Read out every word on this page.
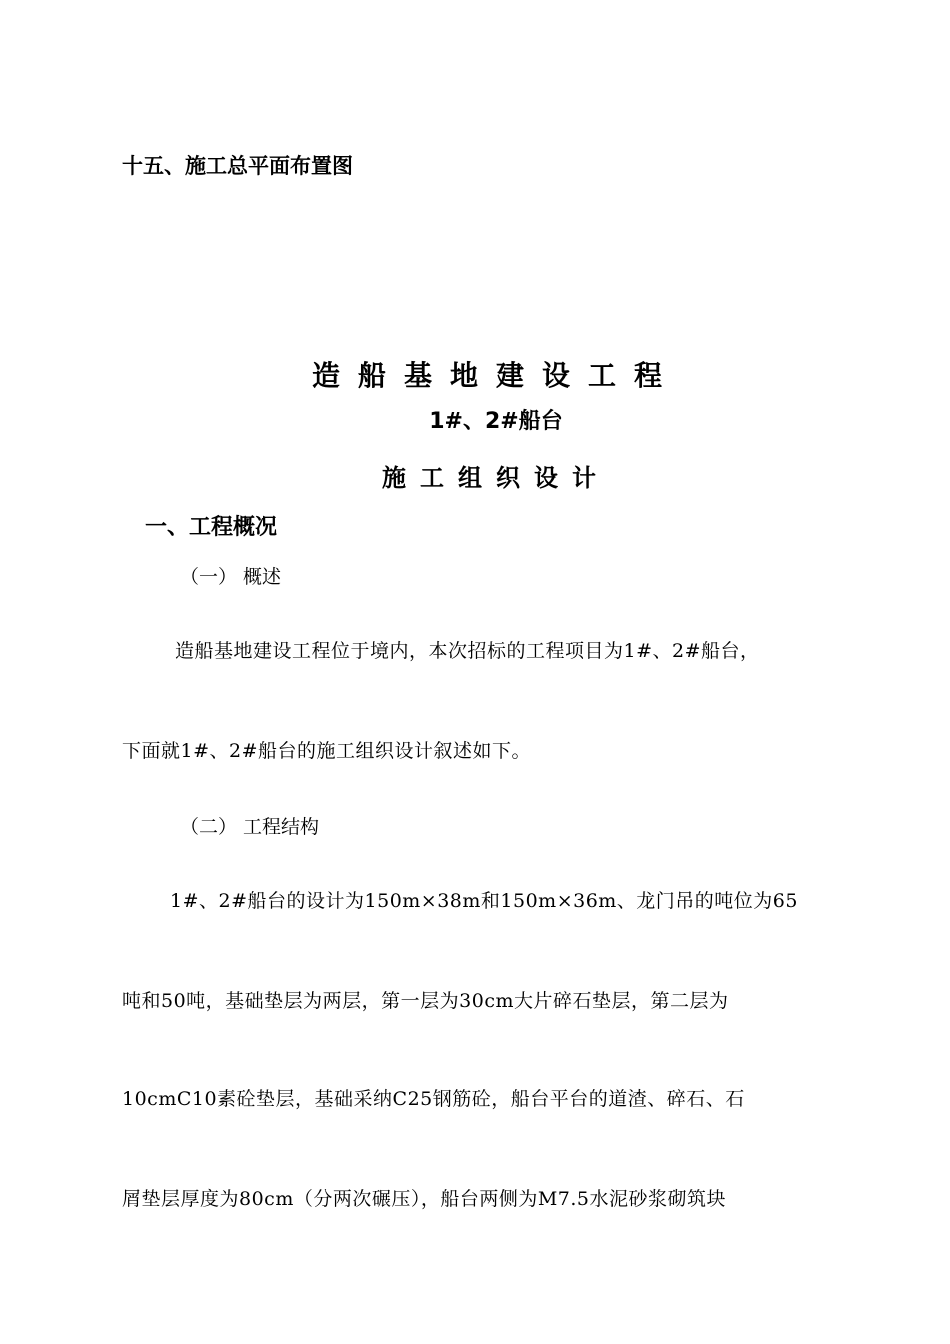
十五、施工总平面布置图
造船基地建设工程
1#、2#船台
施工组织设计
一、工程概况
（一） 概述
造船基地建设工程位于境内，本次招标的工程项目为1#、2#船台，
下面就1#、2#船台的施工组织设计叙述如下。
（二） 工程结构
1#、2#船台的设计为150m×38m和150m×36m、龙门吊的吨位为65
吨和50吨，基础垫层为两层，第一层为30cm大片碎石垫层，第二层为
10cmC10素砼垫层，基础采纳C25钢筋砼，船台平台的道渣、碎石、石
屑垫层厚度为80cm（分两次碾压），船台两侧为M7.5水泥砂浆砌筑块
